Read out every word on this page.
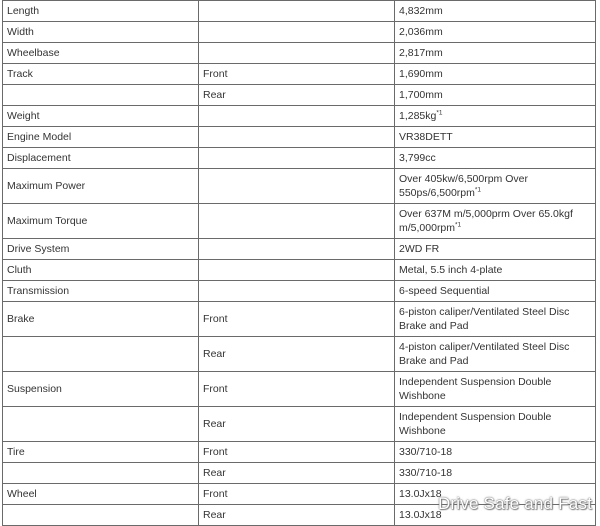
Length		4,832mm
Width		2,036mm
Wheelbase		2,817mm
Track	Front	1,690mm
	Rear	1,700mm
Weight		$1,285kg^{*1}$
Engine Model		VR38DETT
Displacement		3,799cc
Maximum Power		Over 405kw/6,500rpm Over 550ps/6,500rpm$^{*1}$
Maximum Torque		Over 637M m/5,000prm Over 65.0kgf m/5,000rpm$^{*1}$
Drive System		2WD FR
Cluth		Metal, 5.5 inch 4-plate
Transmission		6-speed Sequential
Brake	Front	6-piston caliper/Ventilated Steel Disc Brake and Pad
	Rear	4-piston caliper/Ventilated Steel Disc Brake and Pad
Suspension	Front	Independent Suspension Double Wishbone
	Rear	Independent Suspension Double Wishbone
Tire	Front	330/710-18
	Rear	330/710-18
Wheel	Front	13.0Jx18
	Rear	13.0Jx18
Drive Safe and Fast
